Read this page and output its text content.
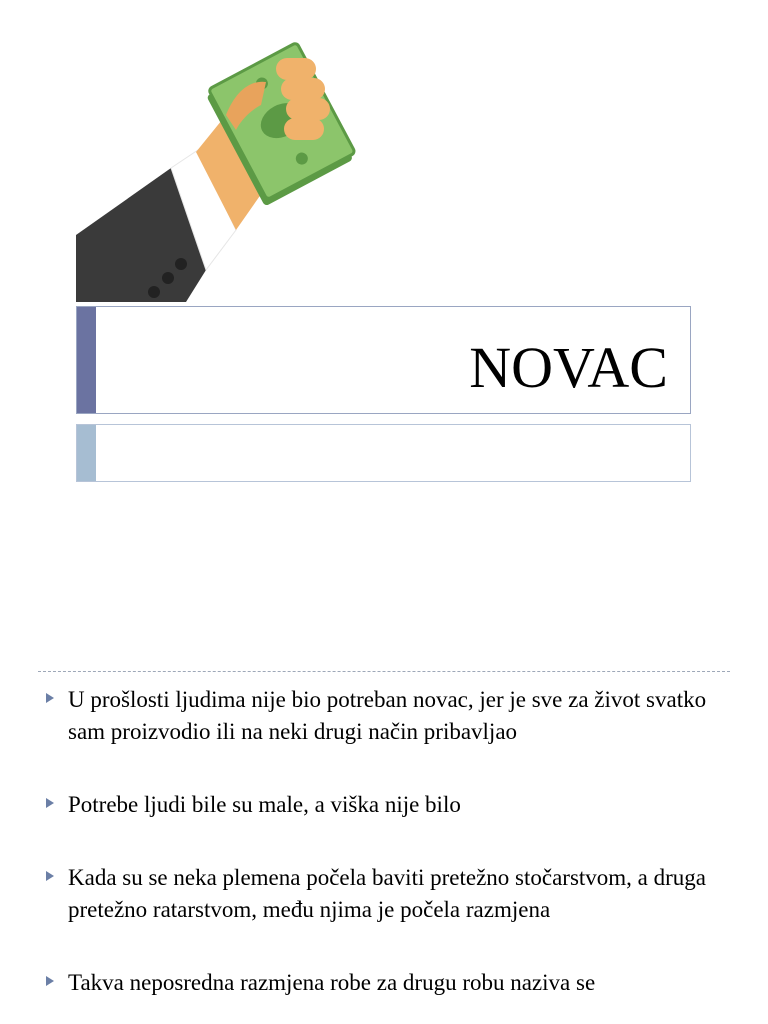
NOVAC
U prošlosti ljudima nije bio potreban novac, jer je sve za život svatko sam proizvodio ili na neki drugi način pribavljao
Potrebe ljudi bile su male, a viška nije bilo
Kada su se neka plemena počela baviti pretežno stočarstvom, a druga pretežno ratarstvom, među njima je počela razmjena
Takva neposredna razmjena robe za drugu robu naziva se
